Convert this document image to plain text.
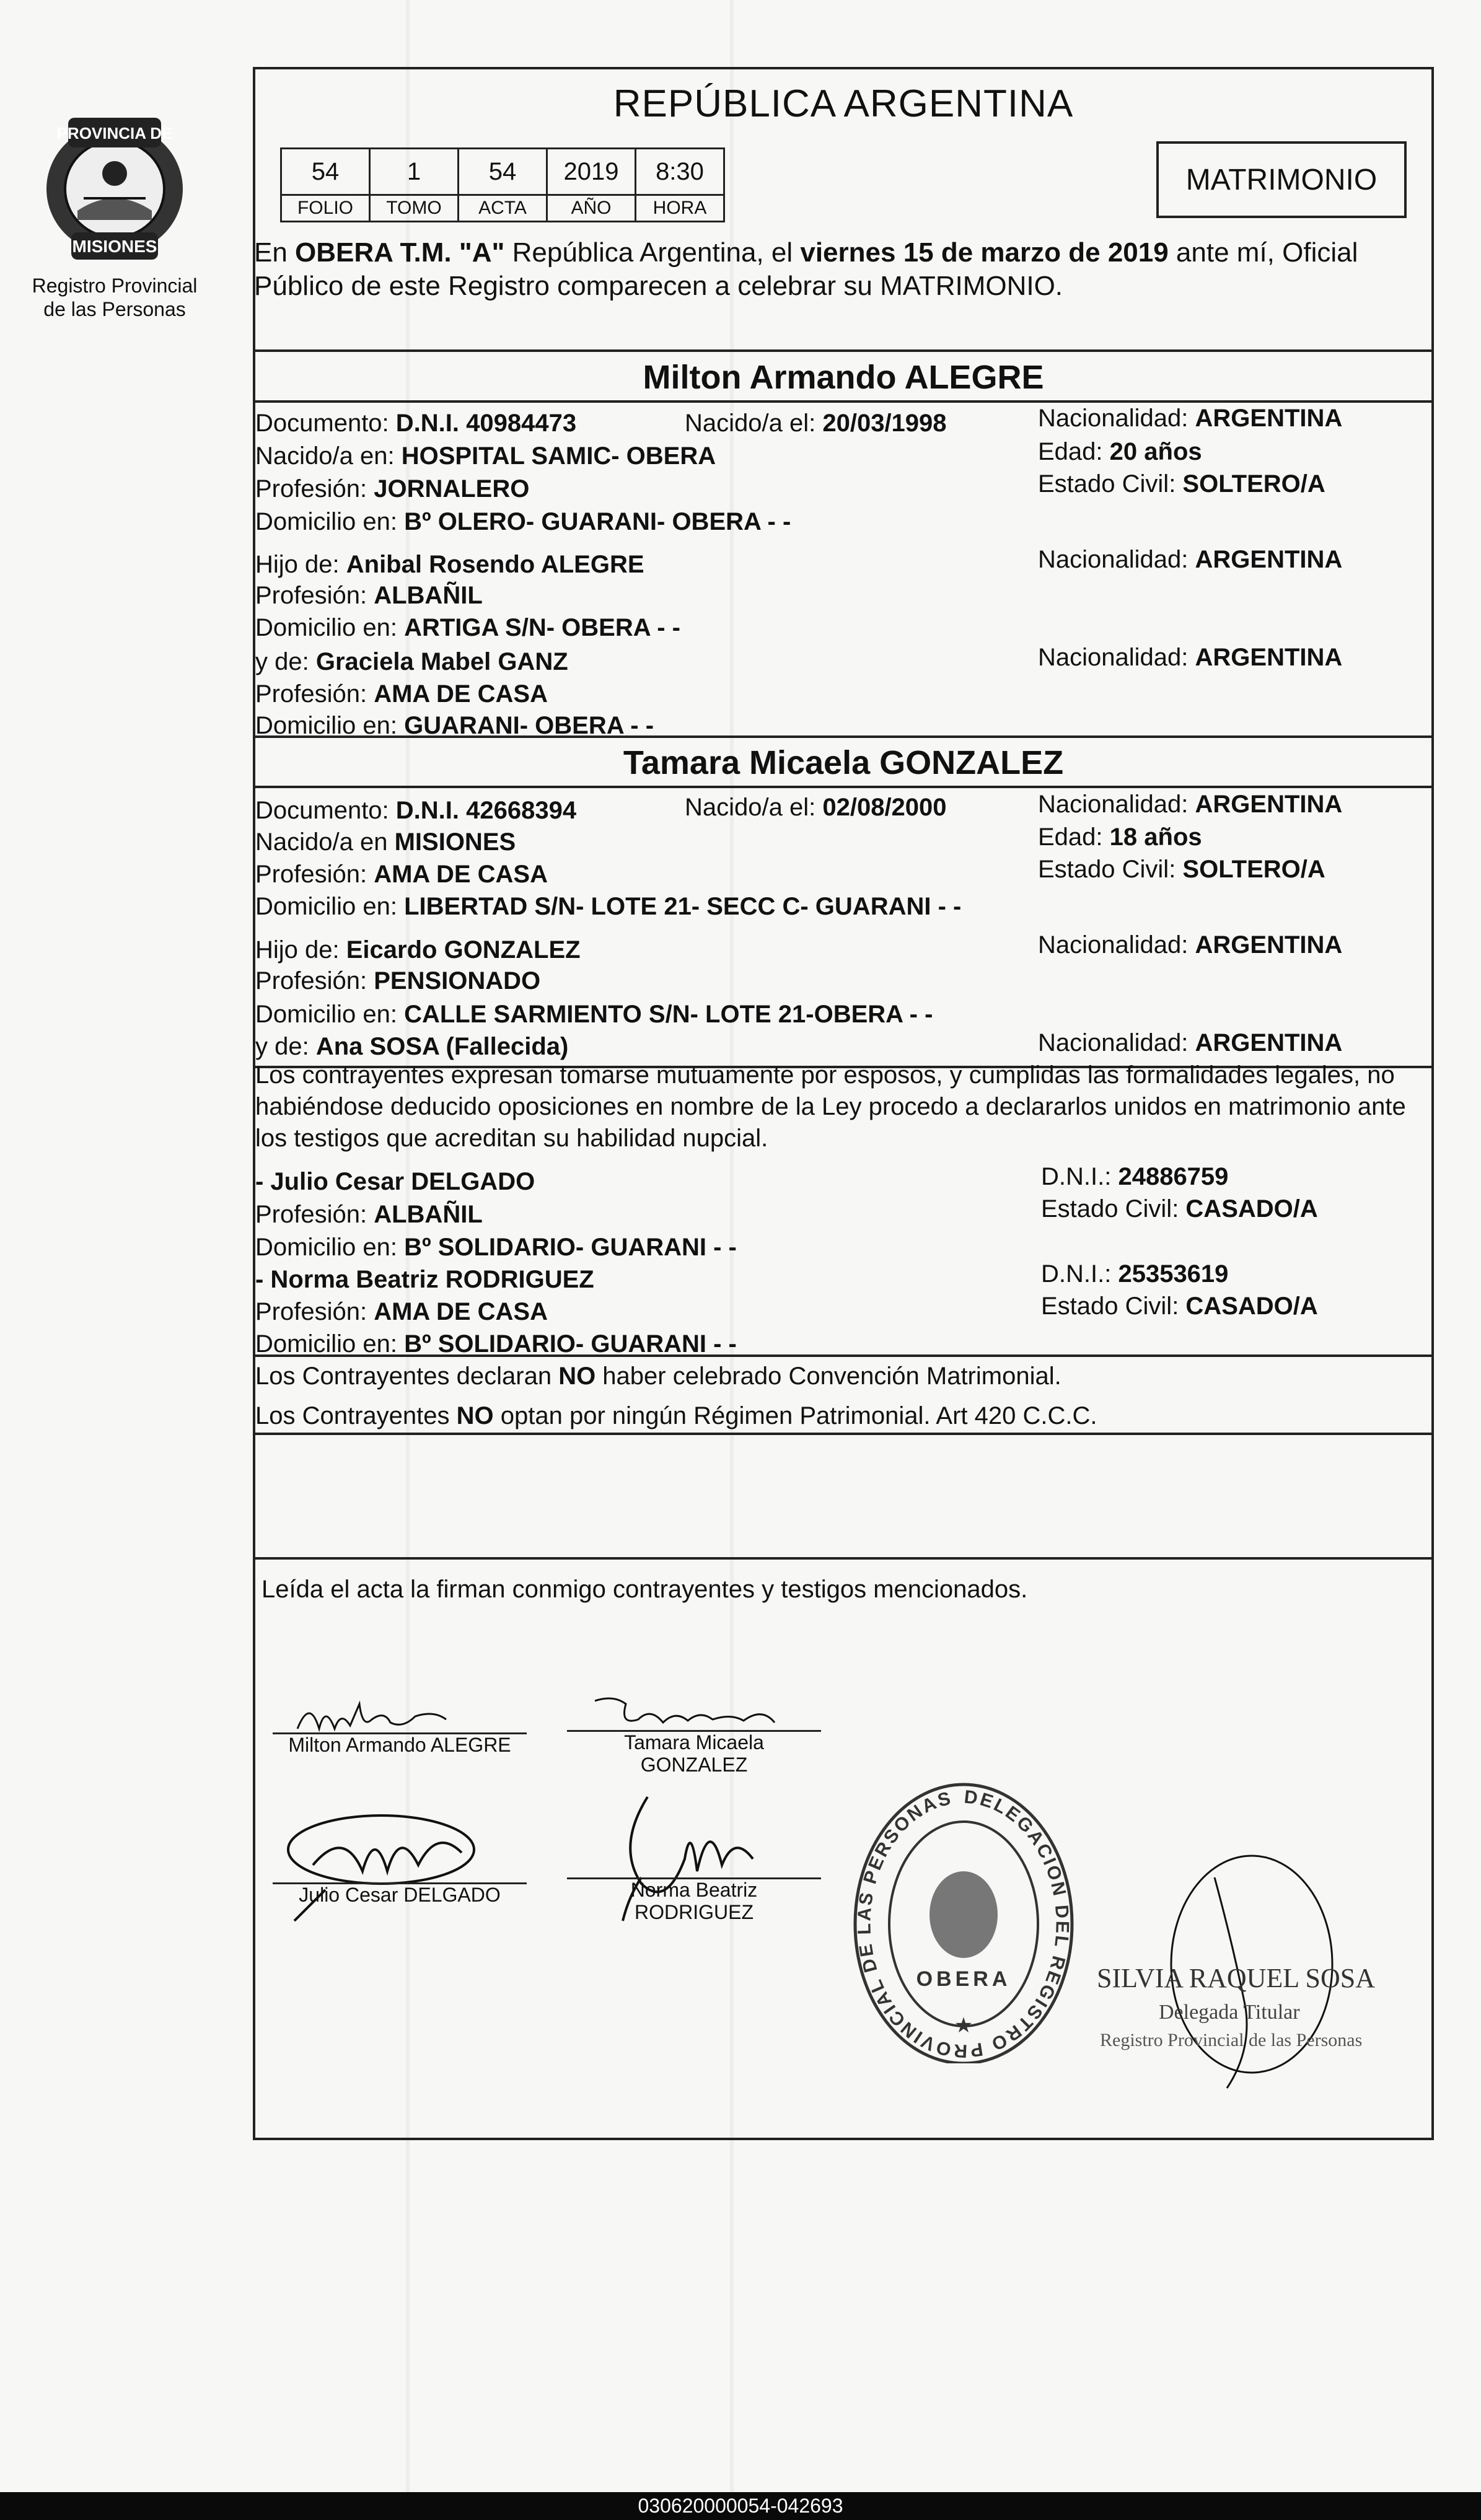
PROVINCIA DE
MISIONES
Registro Provincial
de las Personas
REPÚBLICA ARGENTINA
54	1	54	2019	8:30
FOLIO	TOMO	ACTA	AÑO	HORA
MATRIMONIO
En OBERA T.M. "A" República Argentina, el viernes 15 de marzo de 2019 ante mí, Oficial
Público de este Registro comparecen a celebrar su MATRIMONIO.
Milton Armando ALEGRE
Documento: D.N.I. 40984473	Nacido/a el: 20/03/1998	Nacionalidad: ARGENTINA
Nacido/a en: HOSPITAL SAMIC- OBERA	Edad: 20 años
Profesión: JORNALERO	Estado Civil: SOLTERO/A
Domicilio en: Bº OLERO- GUARANI- OBERA - -
Hijo de: Anibal Rosendo ALEGRE	Nacionalidad: ARGENTINA
Profesión: ALBAÑIL
Domicilio en: ARTIGA S/N- OBERA - -
y de: Graciela Mabel GANZ	Nacionalidad: ARGENTINA
Profesión: AMA DE CASA
Domicilio en: GUARANI- OBERA - -
Tamara Micaela GONZALEZ
Documento: D.N.I. 42668394	Nacido/a el: 02/08/2000	Nacionalidad: ARGENTINA
Nacido/a en MISIONES	Edad: 18 años
Profesión: AMA DE CASA	Estado Civil: SOLTERO/A
Domicilio en: LIBERTAD S/N- LOTE 21- SECC C- GUARANI - -
Hijo de: Eicardo GONZALEZ	Nacionalidad: ARGENTINA
Profesión: PENSIONADO
Domicilio en: CALLE SARMIENTO S/N- LOTE 21-OBERA - -
y de: Ana SOSA (Fallecida)	Nacionalidad: ARGENTINA
Los contrayentes expresan tomarse mutuamente por esposos, y cumplidas las formalidades legales, no
habiéndose deducido oposiciones en nombre de la Ley procedo a declararlos unidos en matrimonio ante
los testigos que acreditan su habilidad nupcial.
- Julio Cesar DELGADO	D.N.I.: 24886759
Profesión: ALBAÑIL	Estado Civil: CASADO/A
Domicilio en: Bº SOLIDARIO- GUARANI - -
- Norma Beatriz RODRIGUEZ	D.N.I.: 25353619
Profesión: AMA DE CASA	Estado Civil: CASADO/A
Domicilio en: Bº SOLIDARIO- GUARANI - -
Los Contrayentes declaran NO haber celebrado Convención Matrimonial.
Los Contrayentes NO optan por ningún Régimen Patrimonial. Art 420 C.C.C.
Leída el acta la firman conmigo contrayentes y testigos mencionados.
Milton Armando ALEGRE	Tamara Micaela
GONZALEZ
Julio Cesar DELGADO	Norma Beatriz
RODRIGUEZ
DELEGACION DEL REGISTRO PROVINCIAL DE LAS PERSONAS
OBERA
★
SILVIA RAQUEL SOSA
Delegada Titular
Registro Provincial de las Personas
030620000054-042693
